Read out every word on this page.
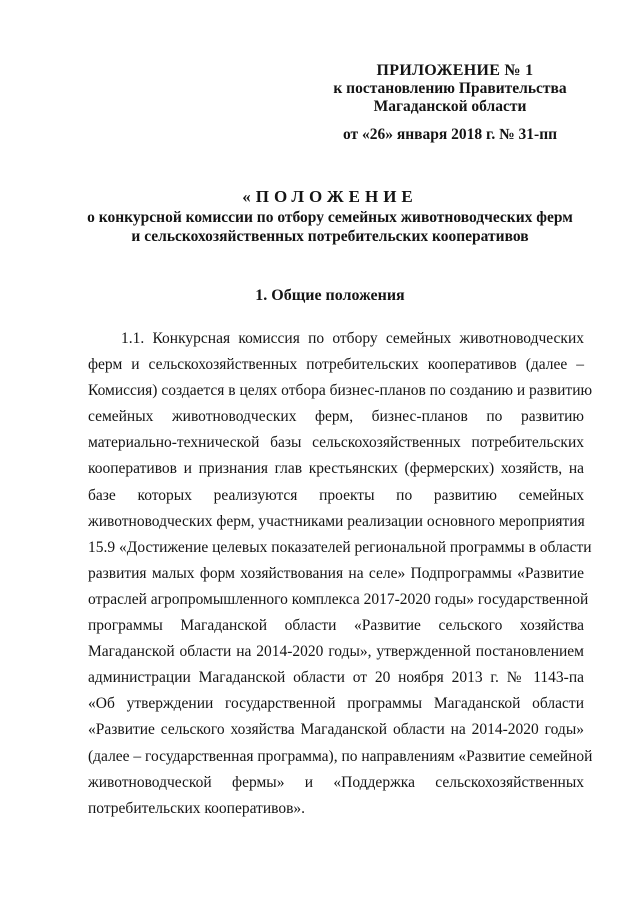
ПРИЛОЖЕНИЕ № 1
к постановлению Правительства
Магаданской области
от «26» января 2018 г. № 31-пп
«ПОЛОЖЕНИЕ
о конкурсной комиссии по отбору семейных животноводческих ферм
и сельскохозяйственных потребительских кооперативов
1. Общие положения
1.1. Конкурсная комиссия по отбору семейных животноводческих
ферм и сельскохозяйственных потребительских кооперативов (далее –
Комиссия) создается в целях отбора бизнес-планов по созданию и развитию
семейных животноводческих ферм, бизнес-планов по развитию
материально-технической базы сельскохозяйственных потребительских
кооперативов и признания глав крестьянских (фермерских) хозяйств, на
базе которых реализуются проекты по развитию семейных
животноводческих ферм, участниками реализации основного мероприятия
15.9 «Достижение целевых показателей региональной программы в области
развития малых форм хозяйствования на селе» Подпрограммы «Развитие
отраслей агропромышленного комплекса 2017-2020 годы» государственной
программы Магаданской области «Развитие сельского хозяйства
Магаданской области на 2014-2020 годы», утвержденной постановлением
администрации Магаданской области от 20 ноября 2013 г. № 1143-па
«Об утверждении государственной программы Магаданской области
«Развитие сельского хозяйства Магаданской области на 2014-2020 годы»
(далее – государственная программа), по направлениям «Развитие семейной
животноводческой фермы» и «Поддержка сельскохозяйственных
потребительских кооперативов».
